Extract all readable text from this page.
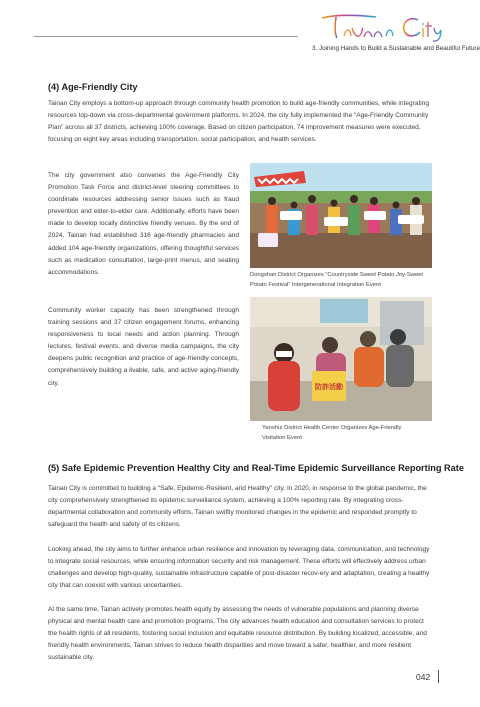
3. Joining Hands to Build a Sustainable and Beautiful Future
(4) Age-Friendly City

Tainan City employs a bottom-up approach through community health promotion to build age-friendly communities, while integrating resources top-down via cross-departmental government platforms. In 2024, the city fully implemented the “Age-Friendly Community Plan” across all 37 districts, achieving 100% coverage. Based on citizen participation, 74 improvement measures were executed, focusing on eight key areas including transportation, social participation, and health services.

The city government also convenes the Age-Friendly City Promotion Task Force and district-level steering committees to coordinate resources addressing senior issues such as fraud prevention and elder-to-elder care. Additionally, efforts have been made to develop locally distinctive friendly venues. By the end of 2024, Tainan had established 316 age-friendly pharmacies and added 104 age-friendly organizations, offering thoughtful services such as medication consultation, large-print menus, and seating accommodations.

Community worker capacity has been strengthened through training sessions and 37 citizen engagement forums, enhancing responsiveness to local needs and action planning. Through lectures, festival events, and diverse media campaigns, the city deepens public recognition and practice of age-friendly concepts, comprehensively building a livable, safe, and active aging-friendly city.

Dongshan District Organizes “Countryside Sweet Potato Joy-Sweet Potato Festival” Intergenerational Integration Event

防詐活動

Yanshui District Health Center Organizes Age-Friendly Visitation Event

(5) Safe Epidemic Prevention Healthy City and Real-Time Epidemic Surveillance Reporting Rate

Tainan City is committed to building a “Safe, Epidemic-Resilient, and Healthy” city. In 2020, in response to the global pandemic, the city comprehensively strengthened its epidemic surveillance system, achieving a 100% reporting rate. By integrating cross-departmental collaboration and community efforts, Tainan swiftly monitored changes in the epidemic and responded promptly to safeguard the health and safety of its citizens.

Looking ahead, the city aims to further enhance urban resilience and innovation by leveraging data, communication, and technology to integrate social resources, while ensuring information security and risk management. These efforts will effectively address urban challenges and develop high-quality, sustainable infrastructure capable of post-disaster recov-ery and adaptation, creating a healthy city that can coexist with various uncertainties.

At the same time, Tainan actively promotes health equity by assessing the needs of vulnerable populations and planning diverse physical and mental health care and promotion programs. The city advances health education and consultation services to protect the health rights of all residents, fostering social inclusion and equitable resource distribution. By building localized, accessible, and friendly health environments, Tainan strives to reduce health disparities and move toward a safer, healthier, and more resilient sustainable city.

042
